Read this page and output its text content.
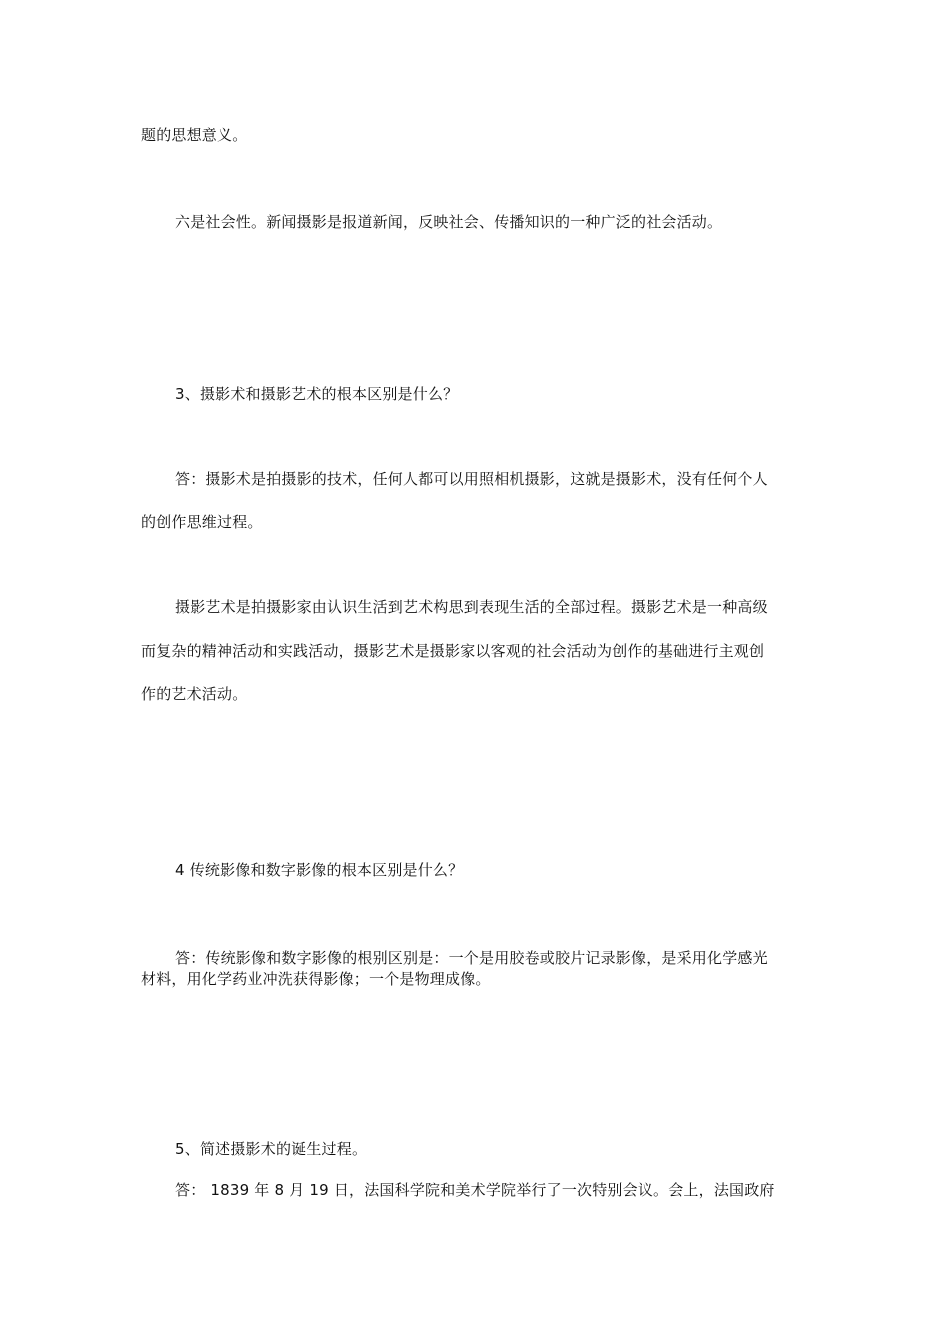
题的思想意义。
六是社会性。新闻摄影是报道新闻，反映社会、传播知识的一种广泛的社会活动。
3、摄影术和摄影艺术的根本区别是什么？
答：摄影术是拍摄影的技术，任何人都可以用照相机摄影，这就是摄影术，没有任何个人
的创作思维过程。
摄影艺术是拍摄影家由认识生活到艺术构思到表现生活的全部过程。摄影艺术是一种高级
而复杂的精神活动和实践活动，摄影艺术是摄影家以客观的社会活动为创作的基础进行主观创
作的艺术活动。
4 传统影像和数字影像的根本区别是什么？
答：传统影像和数字影像的根别区别是：一个是用胶卷或胶片记录影像，是采用化学感光
材料，用化学药业冲洗获得影像；一个是物理成像。
5、简述摄影术的诞生过程。
答： 1839 年 8 月 19 日，法国科学院和美术学院举行了一次特别会议。会上，法国政府
